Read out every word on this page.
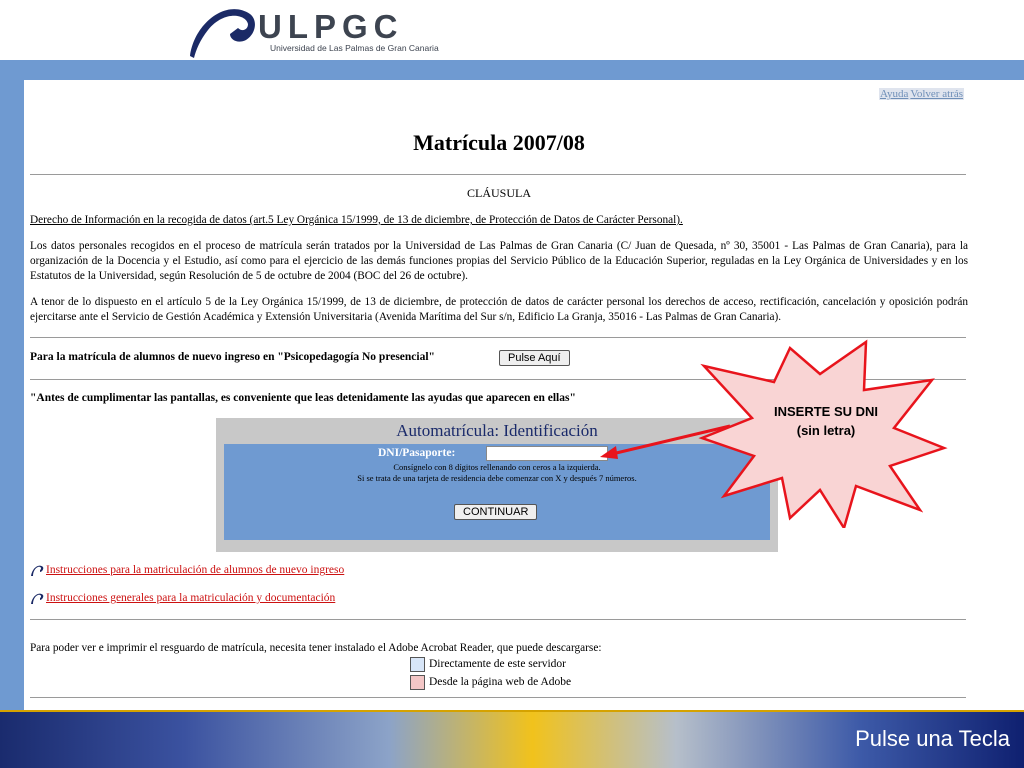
ULPGC
Universidad de Las Palmas de Gran Canaria
Ayuda Volver atrás
Matrícula 2007/08
CLÁUSULA

Derecho de Información en la recogida de datos (art.5 Ley Orgánica 15/1999, de 13 de diciembre, de Protección de Datos de Carácter Personal).

Los datos personales recogidos en el proceso de matrícula serán tratados por la Universidad de Las Palmas de Gran Canaria (C/ Juan de Quesada, nº 30, 35001 - Las Palmas de Gran Canaria), para la organización de la Docencia y el Estudio, así como para el ejercicio de las demás funciones propias del Servicio Público de la Educación Superior, reguladas en la Ley Orgánica de Universidades y en los Estatutos de la Universidad, según Resolución de 5 de octubre de 2004 (BOC del 26 de octubre).

A tenor de lo dispuesto en el artículo 5 de la Ley Orgánica 15/1999, de 13 de diciembre, de protección de datos de carácter personal los derechos de acceso, rectificación, cancelación y oposición podrán ejercitarse ante el Servicio de Gestión Académica y Extensión Universitaria (Avenida Marítima del Sur s/n, Edificio La Granja, 35016 - Las Palmas de Gran Canaria).

Para la matrícula de alumnos de nuevo ingreso en "Psicopedagogía No presencial"	Pulse Aquí
"Antes de cumplimentar las pantallas, es conveniente que leas detenidamente las ayudas que aparecen en ellas"
Automatrícula: Identificación
DNI/Pasaporte:
Consígnelo con 8 dígitos rellenando con ceros a la izquierda.
Si se trata de una tarjeta de residencia debe comenzar con X y después 7 números.
CONTINUAR
Instrucciones para la matriculación de alumnos de nuevo ingreso
Instrucciones generales para la matriculación y documentación
Para poder ver e imprimir el resguardo de matrícula, necesita tener instalado el Adobe Acrobat Reader, que puede descargarse:
Directamente de este servidor
Desde la página web de Adobe
INSERTE SU DNI
(sin letra)
Pulse una Tecla
